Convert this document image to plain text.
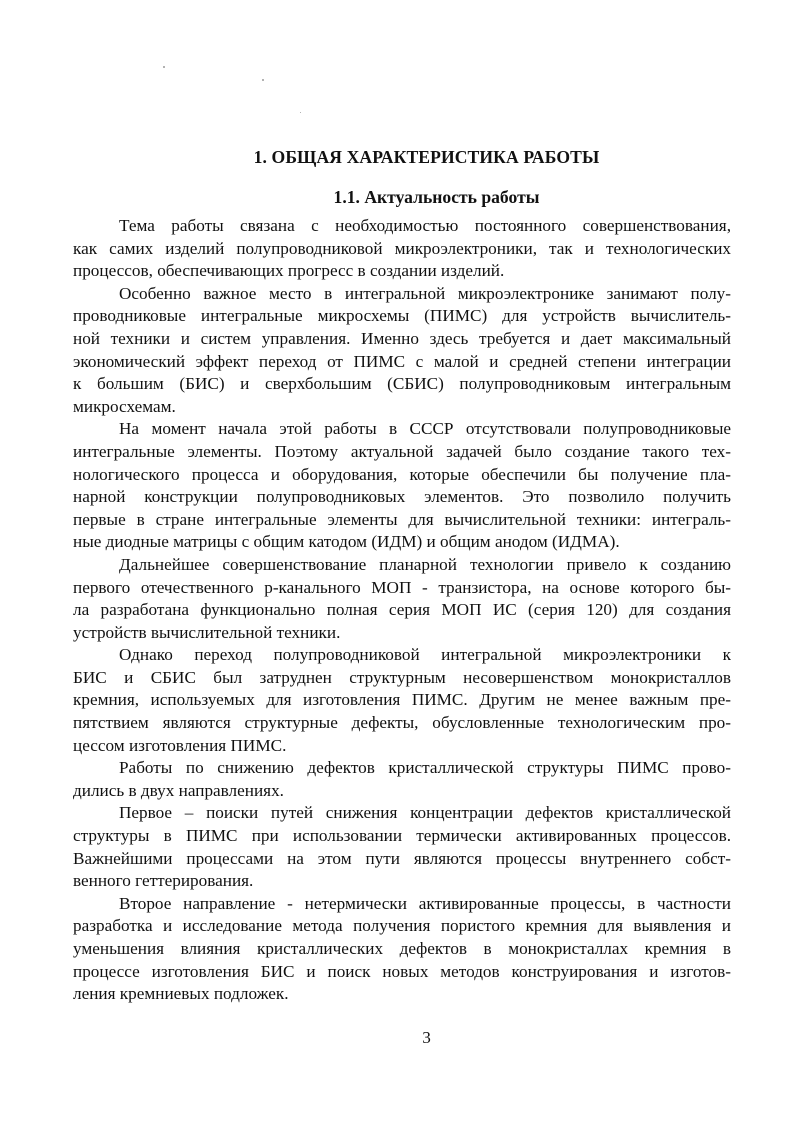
1. ОБЩАЯ ХАРАКТЕРИСТИКА РАБОТЫ
1.1. Актуальность работы

Тема работы связана с необходимостью постоянного совершенствования,
как самих изделий полупроводниковой микроэлектроники, так и технологических
процессов, обеспечивающих прогресс в создании изделий.

Особенно важное место в интегральной микроэлектронике занимают полу-
проводниковые интегральные микросхемы (ПИМС) для устройств вычислитель-
ной техники и систем управления. Именно здесь требуется и дает максимальный
экономический эффект переход от ПИМС с малой и средней степени интеграции
к большим (БИС) и сверхбольшим (СБИС) полупроводниковым интегральным
микросхемам.

На момент начала этой работы в СССР отсутствовали полупроводниковые
интегральные элементы. Поэтому актуальной задачей было создание такого тех-
нологического процесса и оборудования, которые обеспечили бы получение пла-
нарной конструкции полупроводниковых элементов. Это позволило получить
первые в стране интегральные элементы для вычислительной техники: интеграль-
ные диодные матрицы с общим катодом (ИДМ) и общим анодом (ИДМА).

Дальнейшее совершенствование планарной технологии привело к созданию
первого отечественного р-канального МОП - транзистора, на основе которого бы-
ла разработана функционально полная серия МОП ИС (серия 120) для создания
устройств вычислительной техники.

Однако переход полупроводниковой интегральной микроэлектроники к
БИС и СБИС был затруднен структурным несовершенством монокристаллов
кремния, используемых для изготовления ПИМС. Другим не менее важным пре-
пятствием являются структурные дефекты, обусловленные технологическим про-
цессом изготовления ПИМС.

Работы по снижению дефектов кристаллической структуры ПИМС прово-
дились в двух направлениях.

Первое – поиски путей снижения концентрации дефектов кристаллической
структуры в ПИМС при использовании термически активированных процессов.
Важнейшими процессами на этом пути являются процессы внутреннего собст-
венного геттерирования.

Второе направление - нетермически активированные процессы, в частности
разработка и исследование метода получения пористого кремния для выявления и
уменьшения влияния кристаллических дефектов в монокристаллах кремния в
процессе изготовления БИС и поиск новых методов конструирования и изготов-
ления кремниевых подложек.

3
